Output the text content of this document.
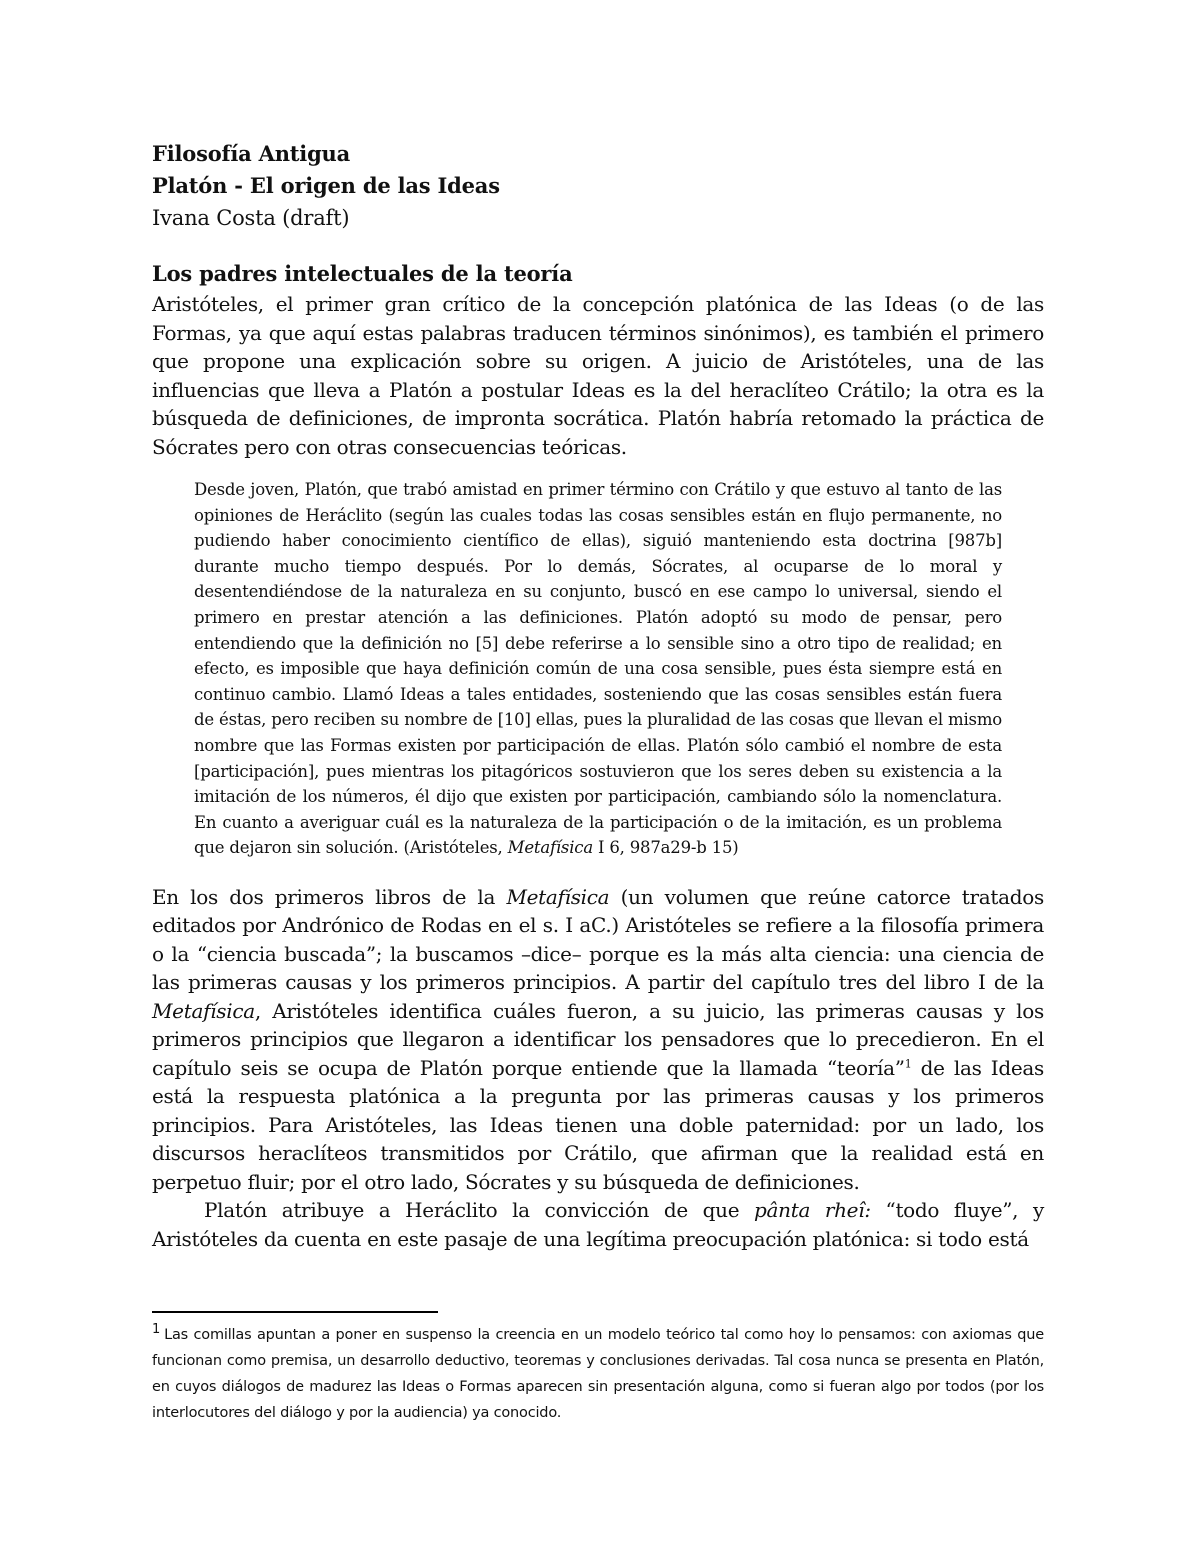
Filosofía Antigua
Platón - El origen de las Ideas
Ivana Costa (draft)
Los padres intelectuales de la teoría

Aristóteles, el primer gran crítico de la concepción platónica de las Ideas (o de las Formas, ya que aquí estas palabras traducen términos sinónimos), es también el primero que propone una explicación sobre su origen. A juicio de Aristóteles, una de las influencias que lleva a Platón a postular Ideas es la del heraclíteo Crátilo; la otra es la búsqueda de definiciones, de impronta socrática. Platón habría retomado la práctica de Sócrates pero con otras consecuencias teóricas.

Desde joven, Platón, que trabó amistad en primer término con Crátilo y que estuvo al tanto de las opiniones de Heráclito (según las cuales todas las cosas sensibles están en flujo permanente, no pudiendo haber conocimiento científico de ellas), siguió manteniendo esta doctrina [987b] durante mucho tiempo después. Por lo demás, Sócrates, al ocuparse de lo moral y desentendiéndose de la naturaleza en su conjunto, buscó en ese campo lo universal, siendo el primero en prestar atención a las definiciones. Platón adoptó su modo de pensar, pero entendiendo que la definición no [5] debe referirse a lo sensible sino a otro tipo de realidad; en efecto, es imposible que haya definición común de una cosa sensible, pues ésta siempre está en continuo cambio. Llamó Ideas a tales entidades, sosteniendo que las cosas sensibles están fuera de éstas, pero reciben su nombre de [10] ellas, pues la pluralidad de las cosas que llevan el mismo nombre que las Formas existen por participación de ellas. Platón sólo cambió el nombre de esta [participación], pues mientras los pitagóricos sostuvieron que los seres deben su existencia a la imitación de los números, él dijo que existen por participación, cambiando sólo la nomenclatura. En cuanto a averiguar cuál es la naturaleza de la participación o de la imitación, es un problema que dejaron sin solución. (Aristóteles, Metafísica I 6, 987a29-b 15)

En los dos primeros libros de la Metafísica (un volumen que reúne catorce tratados editados por Andrónico de Rodas en el s. I aC.) Aristóteles se refiere a la filosofía primera o la “ciencia buscada”; la buscamos –dice– porque es la más alta ciencia: una ciencia de las primeras causas y los primeros principios. A partir del capítulo tres del libro I de la Metafísica, Aristóteles identifica cuáles fueron, a su juicio, las primeras causas y los primeros principios que llegaron a identificar los pensadores que lo precedieron. En el capítulo seis se ocupa de Platón porque entiende que la llamada “teoría”$^1$ de las Ideas está la respuesta platónica a la pregunta por las primeras causas y los primeros principios. Para Aristóteles, las Ideas tienen una doble paternidad: por un lado, los discursos heraclíteos transmitidos por Crátilo, que afirman que la realidad está en perpetuo fluir; por el otro lado, Sócrates y su búsqueda de definiciones.

Platón atribuye a Heráclito la convicción de que pânta rheî: “todo fluye”, y Aristóteles da cuenta en este pasaje de una legítima preocupación platónica: si todo está

1 Las comillas apuntan a poner en suspenso la creencia en un modelo teórico tal como hoy lo pensamos: con axiomas que funcionan como premisa, un desarrollo deductivo, teoremas y conclusiones derivadas. Tal cosa nunca se presenta en Platón, en cuyos diálogos de madurez las Ideas o Formas aparecen sin presentación alguna, como si fueran algo por todos (por los interlocutores del diálogo y por la audiencia) ya conocido.
